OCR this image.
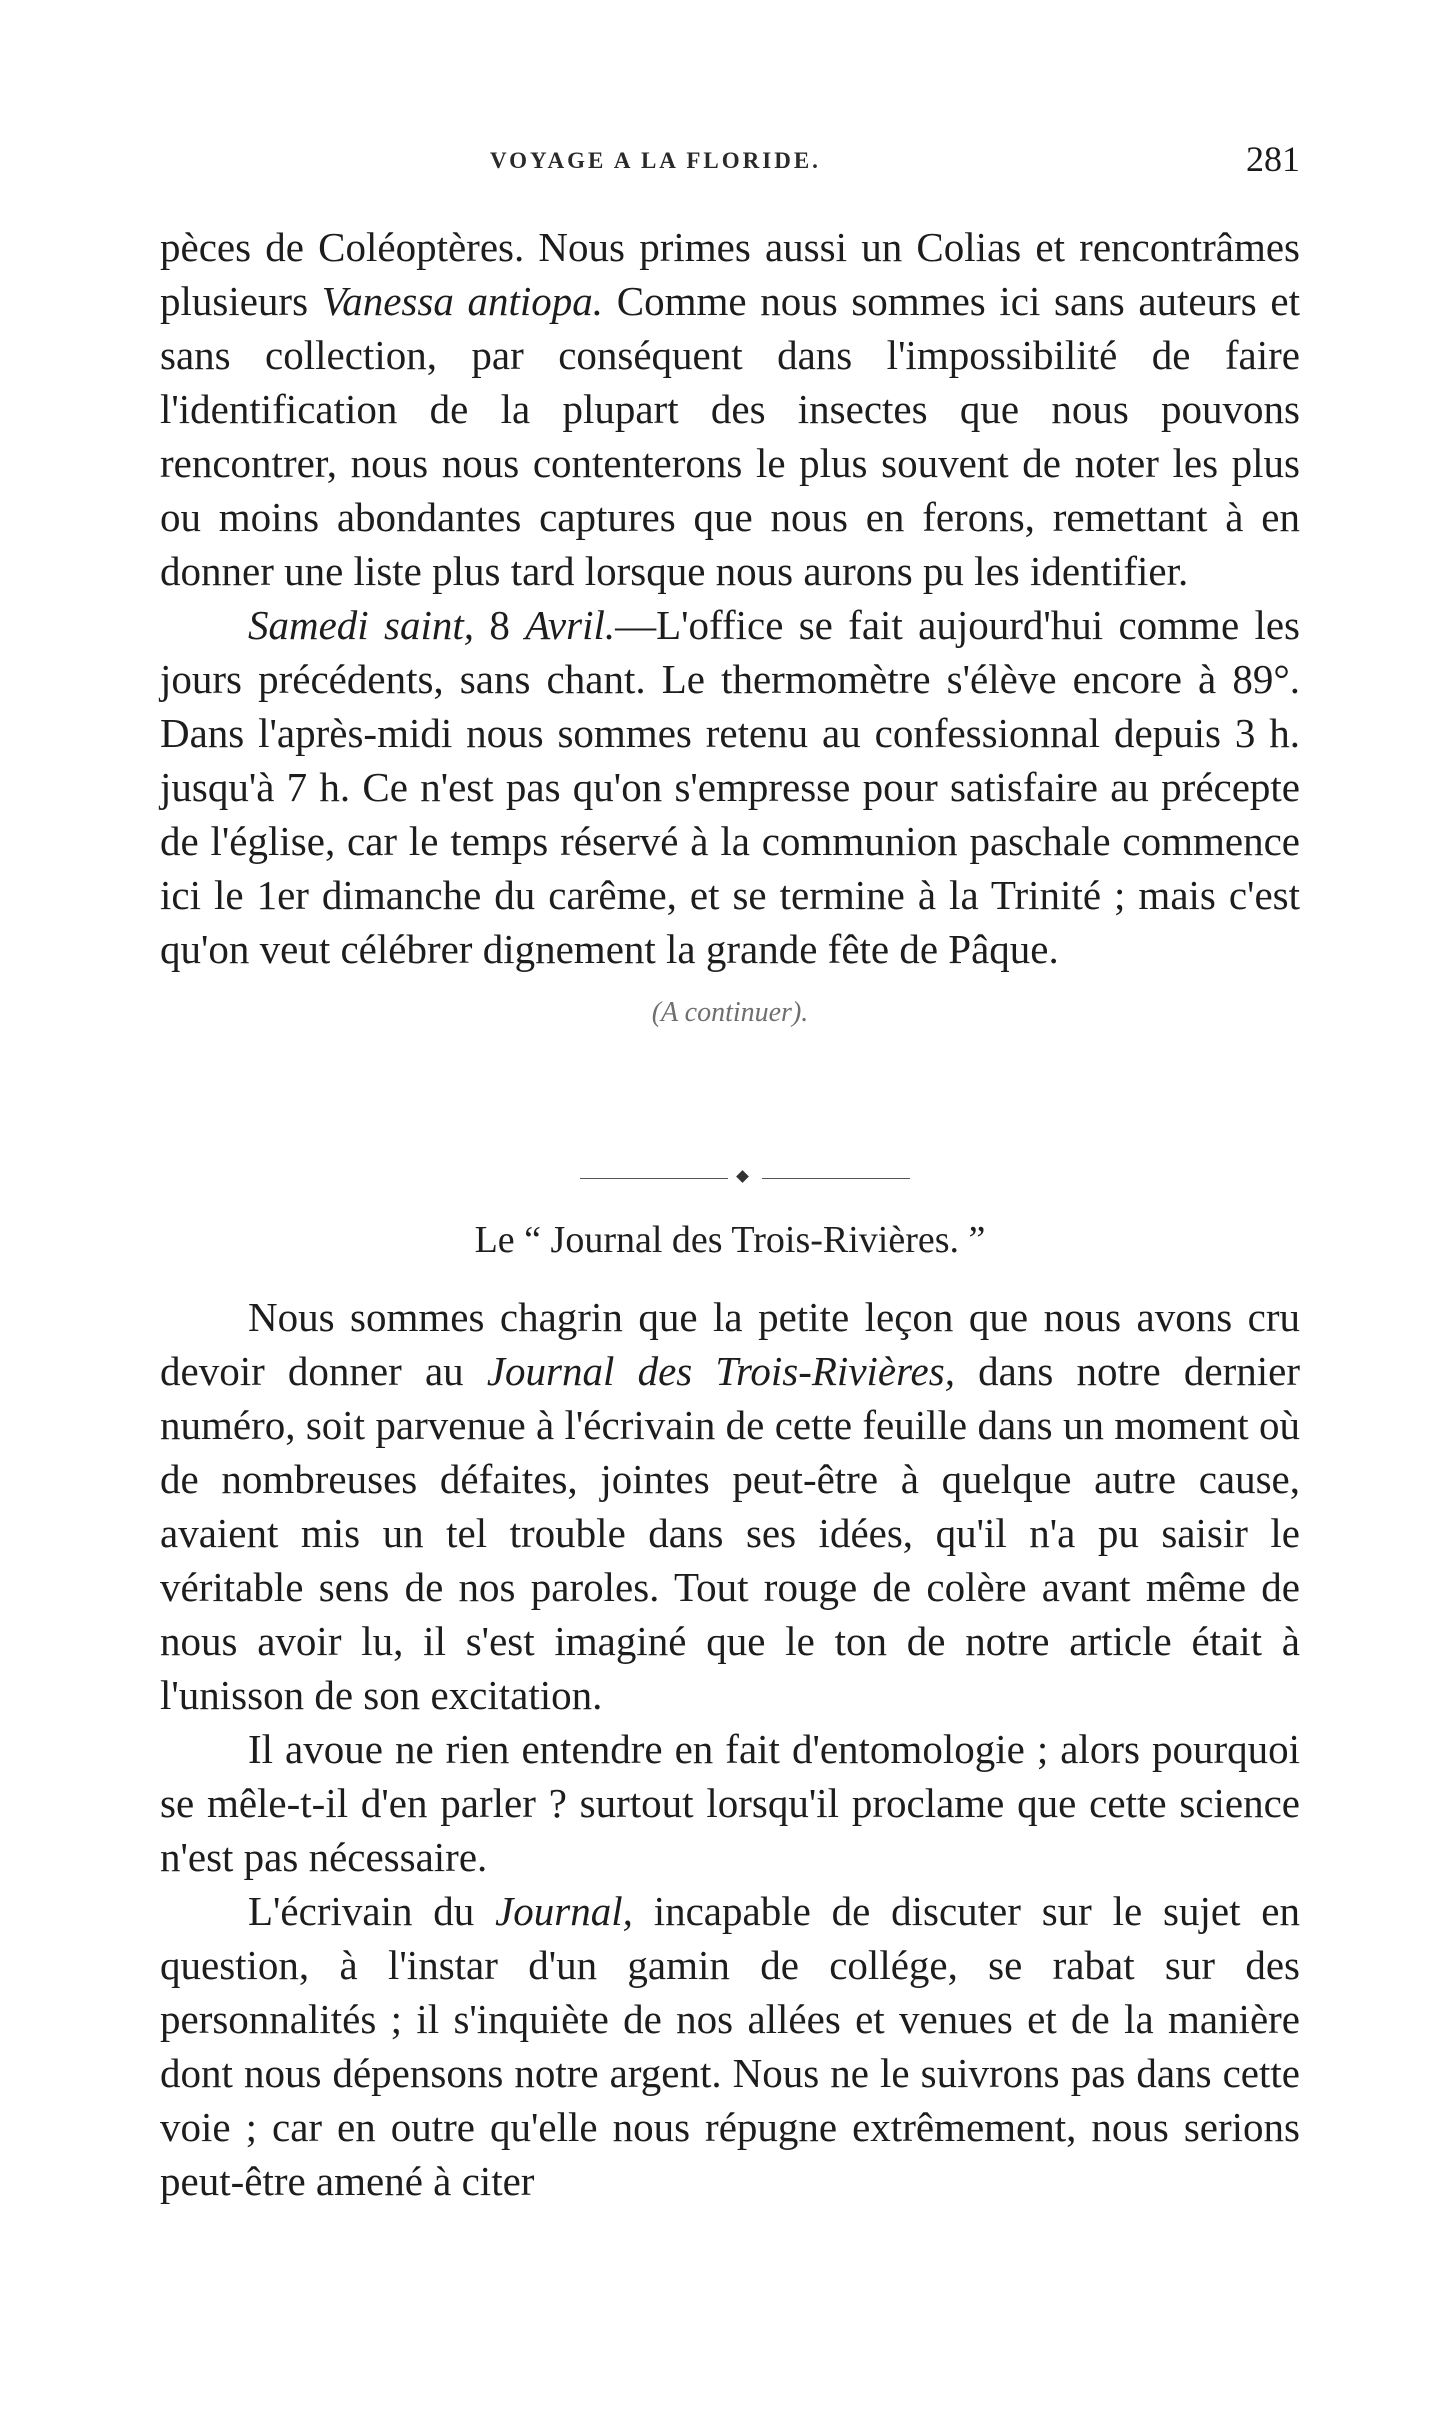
VOYAGE A LA FLORIDE.	281

pèces de Coléoptères. Nous primes aussi un Colias et rencontrâmes plusieurs Vanessa antiopa. Comme nous sommes ici sans auteurs et sans collection, par conséquent dans l'impossibilité de faire l'identification de la plupart des insectes que nous pouvons rencontrer, nous nous contenterons le plus souvent de noter les plus ou moins abondantes captures que nous en ferons, remettant à en donner une liste plus tard lorsque nous aurons pu les identifier.

Samedi saint, 8 Avril.—L'office se fait aujourd'hui comme les jours précédents, sans chant. Le thermomètre s'élève encore à 89°. Dans l'après-midi nous sommes retenu au confessionnal depuis 3 h. jusqu'à 7 h. Ce n'est pas qu'on s'empresse pour satisfaire au précepte de l'église, car le temps réservé à la communion paschale commence ici le 1er dimanche du carême, et se termine à la Trinité ; mais c'est qu'on veut célébrer dignement la grande fête de Pâque.

(A continuer).

Le “ Journal des Trois-Rivières. ”

Nous sommes chagrin que la petite leçon que nous avons cru devoir donner au Journal des Trois-Rivières, dans notre dernier numéro, soit parvenue à l'écrivain de cette feuille dans un moment où de nombreuses défaites, jointes peut-être à quelque autre cause, avaient mis un tel trouble dans ses idées, qu'il n'a pu saisir le véritable sens de nos paroles. Tout rouge de colère avant même de nous avoir lu, il s'est imaginé que le ton de notre article était à l'unisson de son excitation.

Il avoue ne rien entendre en fait d'entomologie ; alors pourquoi se mêle-t-il d'en parler ? surtout lorsqu'il proclame que cette science n'est pas nécessaire.

L'écrivain du Journal, incapable de discuter sur le sujet en question, à l'instar d'un gamin de collége, se rabat sur des personnalités ; il s'inquiète de nos allées et venues et de la manière dont nous dépensons notre argent. Nous ne le suivrons pas dans cette voie ; car en outre qu'elle nous répugne extrêmement, nous serions peut-être amené à citer
